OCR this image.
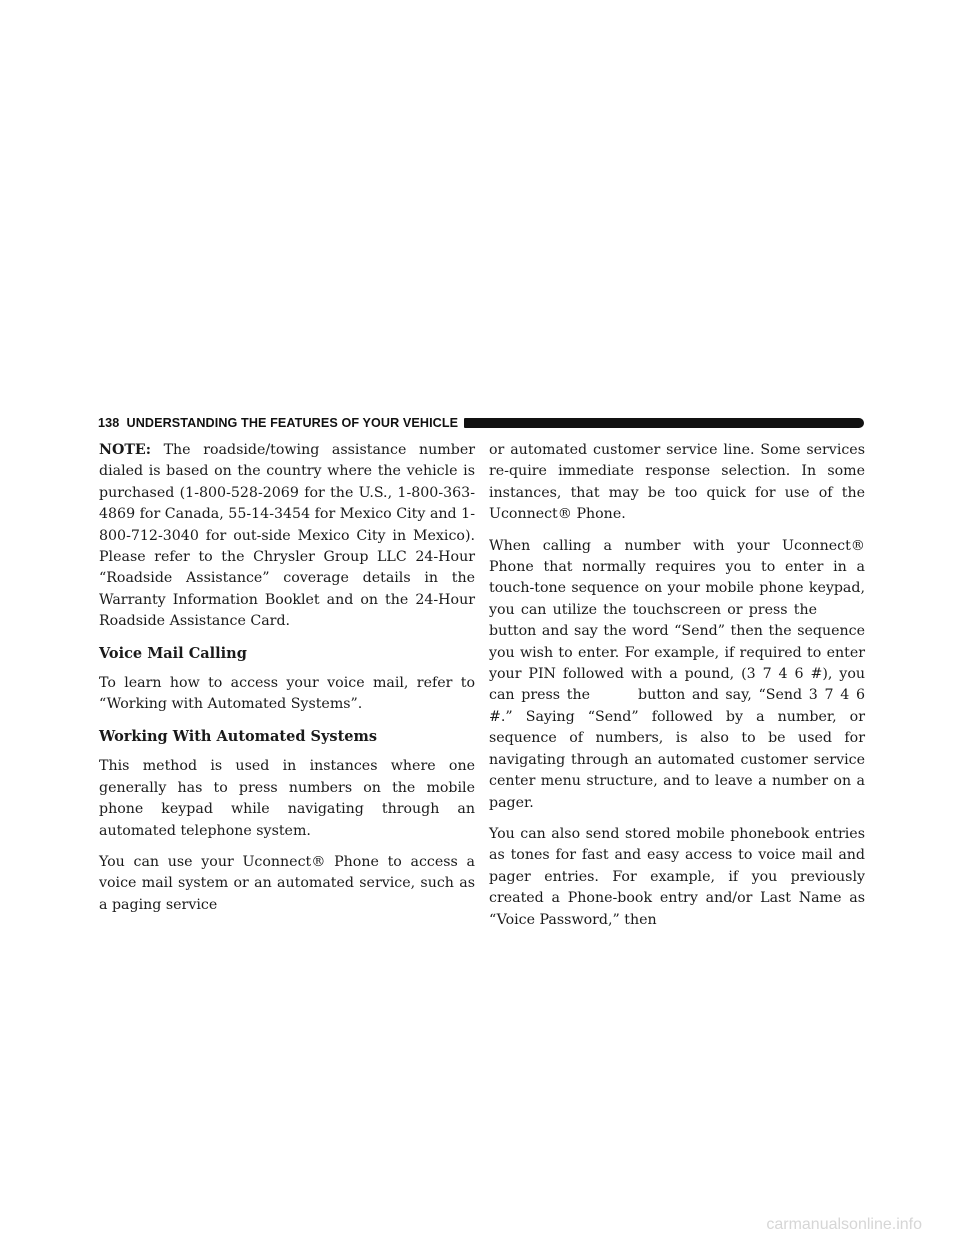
138 UNDERSTANDING THE FEATURES OF YOUR VEHICLE

NOTE: The roadside/towing assistance number dialed is based on the country where the vehicle is purchased (1-800-528-2069 for the U.S., 1-800-363-4869 for Canada, 55-14-3454 for Mexico City and 1-800-712-3040 for out-side Mexico City in Mexico). Please refer to the Chrysler Group LLC 24-Hour “Roadside Assistance” coverage details in the Warranty Information Booklet and on the 24-Hour Roadside Assistance Card.

Voice Mail Calling

To learn how to access your voice mail, refer to “Working with Automated Systems”.

Working With Automated Systems

This method is used in instances where one generally has to press numbers on the mobile phone keypad while navigating through an automated telephone system.

You can use your Uconnect® Phone to access a voice mail system or an automated service, such as a paging service

or automated customer service line. Some services re-quire immediate response selection. In some instances, that may be too quick for use of the Uconnect® Phone.

When calling a number with your Uconnect® Phone that normally requires you to enter in a touch-tone sequence on your mobile phone keypad, you can utilize the touchscreen or press thebutton and say the word “Send” then the sequence you wish to enter. For example, if required to enter your PIN followed with a pound, (3 7 4 6 #), you can press the	button and say, “Send 3 7 4 6 #.” Saying “Send” followed by a number, or sequence of numbers, is also to be used for navigating through an automated customer service center menu structure, and to leave a number on a pager.

You can also send stored mobile phonebook entries as tones for fast and easy access to voice mail and pager entries. For example, if you previously created a Phone-book entry and/or Last Name as “Voice Password,” then

carmanualsonline.info
